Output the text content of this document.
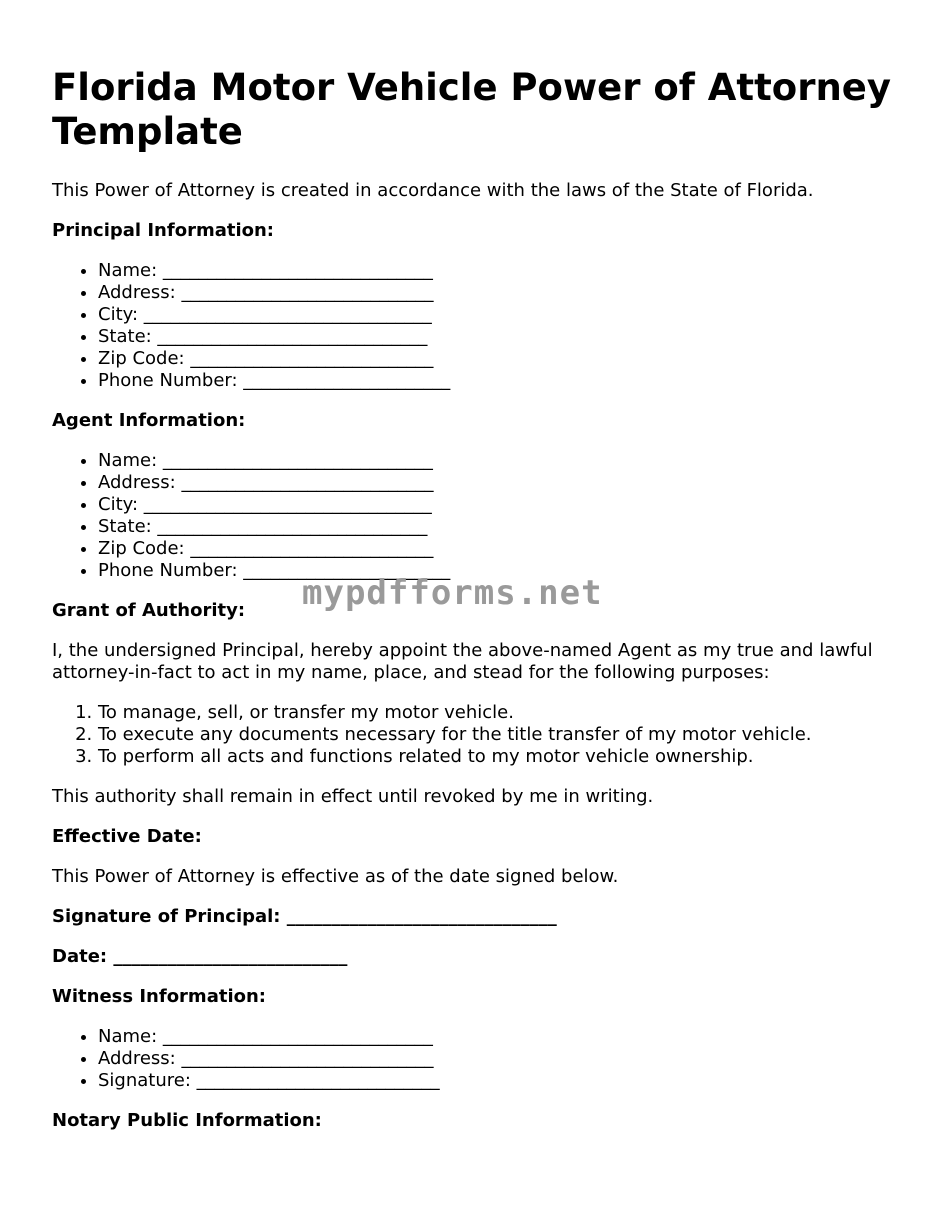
Florida Motor Vehicle Power of Attorney Template

This Power of Attorney is created in accordance with the laws of the State of Florida.

Principal Information:
• Name: ______________________________
• Address: ____________________________
• City: ________________________________
• State: ______________________________
• Zip Code: ___________________________
• Phone Number: _______________________
Agent Information:
• Name: ______________________________
• Address: ____________________________
• City: ________________________________
• State: ______________________________
• Zip Code: ___________________________
• Phone Number: _______________________
Grant of Authority: mypdfforms.net

I, the undersigned Principal, hereby appoint the above-named Agent as my true and lawful attorney-in-fact to act in my name, place, and stead for the following purposes:

1. To manage, sell, or transfer my motor vehicle.
2. To execute any documents necessary for the title transfer of my motor vehicle.
3. To perform all acts and functions related to my motor vehicle ownership.

This authority shall remain in effect until revoked by me in writing.

Effective Date:

This Power of Attorney is effective as of the date signed below.

Signature of Principal: ______________________________
Date: __________________________
Witness Information:
• Name: ______________________________
• Address: ____________________________
• Signature: ___________________________
Notary Public Information:
